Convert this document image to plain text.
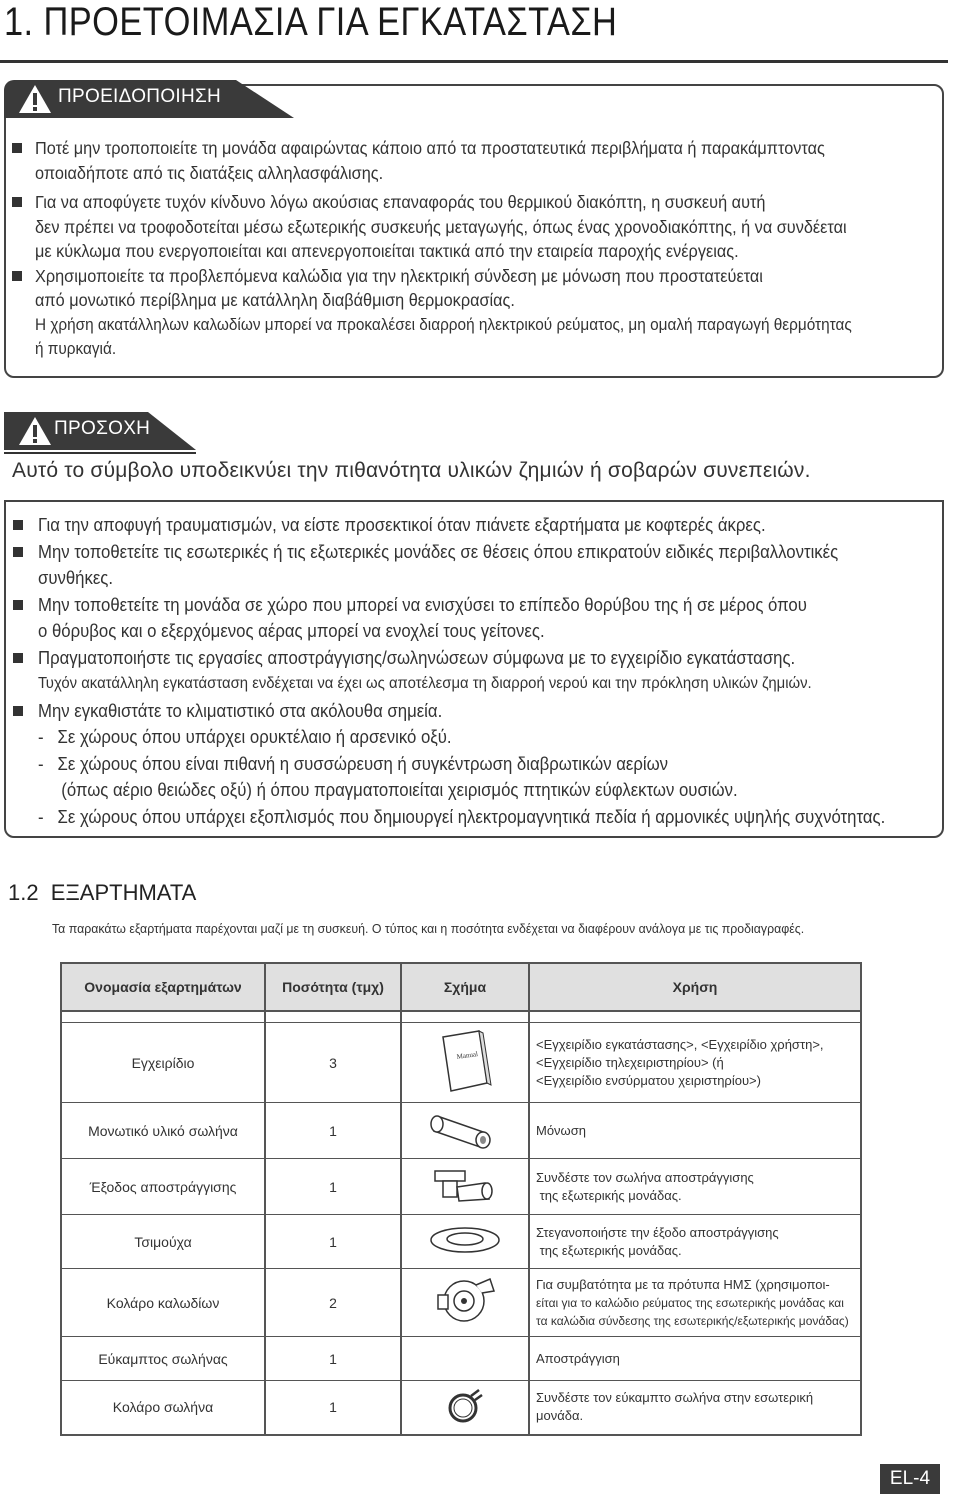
1. ΠΡΟΕΤΟΙΜΑΣΙΑ ΓΙΑ ΕΓΚΑΤΑΣΤΑΣΗ
ΠΡΟΕΙΔΟΠΟΙΗΣΗ
Ποτέ μην τροποποιείτε τη μονάδα αφαιρώντας κάποιο από τα προστατευτικά περιβλήματα ή παρακάμπτοντας
οποιαδήποτε από τις διατάξεις αλληλασφάλισης.
Για να αποφύγετε τυχόν κίνδυνο λόγω ακούσιας επαναφοράς του θερμικού διακόπτη, η συσκευή αυτή
δεν πρέπει να τροφοδοτείται μέσω εξωτερικής συσκευής μεταγωγής, όπως ένας χρονοδιακόπτης, ή να συνδέεται
με κύκλωμα που ενεργοποιείται και απενεργοποιείται τακτικά από την εταιρεία παροχής ενέργειας.
Χρησιμοποιείτε τα προβλεπόμενα καλώδια για την ηλεκτρική σύνδεση με μόνωση που προστατεύεται
από μονωτικό περίβλημα με κατάλληλη διαβάθμιση θερμοκρασίας.
Η χρήση ακατάλληλων καλωδίων μπορεί να προκαλέσει διαρροή ηλεκτρικού ρεύματος, μη ομαλή παραγωγή θερμότητας
ή πυρκαγιά.
ΠΡΟΣΟΧΗ
Αυτό το σύμβολο υποδεικνύει την πιθανότητα υλικών ζημιών ή σοβαρών συνεπειών.
Για την αποφυγή τραυματισμών, να είστε προσεκτικοί όταν πιάνετε εξαρτήματα με κοφτερές άκρες.
Μην τοποθετείτε τις εσωτερικές ή τις εξωτερικές μονάδες σε θέσεις όπου επικρατούν ειδικές περιβαλλοντικές
συνθήκες.
Μην τοποθετείτε τη μονάδα σε χώρο που μπορεί να ενισχύσει το επίπεδο θορύβου της ή σε μέρος όπου
ο θόρυβος και ο εξερχόμενος αέρας μπορεί να ενοχλεί τους γείτονες.
Πραγματοποιήστε τις εργασίες αποστράγγισης/σωληνώσεων σύμφωνα με το εγχειρίδιο εγκατάστασης.
Τυχόν ακατάλληλη εγκατάσταση ενδέχεται να έχει ως αποτέλεσμα τη διαρροή νερού και την πρόκληση υλικών ζημιών.
Μην εγκαθιστάτε το κλιματιστικό στα ακόλουθα σημεία.
-   Σε χώρους όπου υπάρχει ορυκτέλαιο ή αρσενικό οξύ.
-   Σε χώρους όπου είναι πιθανή η συσσώρευση ή συγκέντρωση διαβρωτικών αερίων
(όπως αέριο θειώδες οξύ) ή όπου πραγματοποιείται χειρισμός πτητικών εύφλεκτων ουσιών.
-   Σε χώρους όπου υπάρχει εξοπλισμός που δημιουργεί ηλεκτρομαγνητικά πεδία ή αρμονικές υψηλής συχνότητας.
1.2  ΕΞΑΡΤΗΜΑΤΑ
Τα παρακάτω εξαρτήματα παρέχονται μαζί με τη συσκευή. Ο τύπος και η ποσότητα ενδέχεται να διαφέρουν ανάλογα με τις προδιαγραφές.
Ονομασία εξαρτημάτων	Ποσότητα (τμχ)	Σχήμα	Χρήση

Εγχειρίδιο	3	Manual	<Εγχειρίδιο εγκατάστασης>, <Εγχειρίδιο χρήστη>,
<Εγχειρίδιο τηλεχειριστηρίου> (ή
<Εγχειρίδιο ενσύρματου χειριστηρίου>)

Μονωτικό υλικό σωλήνα	1		Μόνωση

Έξοδος αποστράγγισης	1		Συνδέστε τον σωλήνα αποστράγγισης
της εξωτερικής μονάδας.

Τσιμούχα	1		Στεγανοποιήστε την έξοδο αποστράγγισης
της εξωτερικής μονάδας.

Κολάρο καλωδίων	2		Για συμβατότητα με τα πρότυπα ΗΜΣ (χρησιμοποι-
είται για το καλώδιο ρεύματος της εσωτερικής μονάδας και
τα καλώδια σύνδεσης της εσωτερικής/εξωτερικής μονάδας)

Εύκαμπτος σωλήνας	1		Αποστράγγιση

Κολάρο σωλήνα	1		Συνδέστε τον εύκαμπτο σωλήνα στην εσωτερική
μονάδα.
EL-4
